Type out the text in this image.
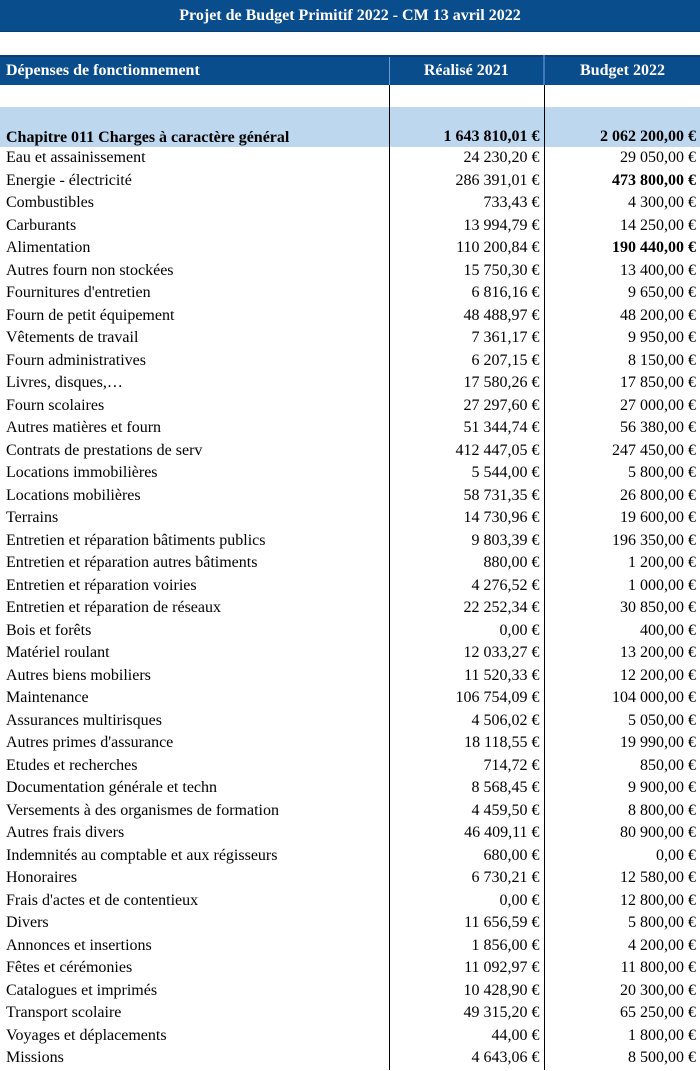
Projet de Budget Primitif 2022 - CM 13 avril 2022
Dépenses de fonctionnement	Réalisé 2021	Budget 2022

Chapitre 011 Charges à caractère général	1 643 810,01 €	2 062 200,00 €
Eau et assainissement	24 230,20 €	29 050,00 €
Energie - électricité	286 391,01 €	473 800,00 €
Combustibles	733,43 €	4 300,00 €
Carburants	13 994,79 €	14 250,00 €
Alimentation	110 200,84 €	190 440,00 €
Autres fourn non stockées	15 750,30 €	13 400,00 €
Fournitures d'entretien	6 816,16 €	9 650,00 €
Fourn de petit équipement	48 488,97 €	48 200,00 €
Vêtements de travail	7 361,17 €	9 950,00 €
Fourn administratives	6 207,15 €	8 150,00 €
Livres, disques,…	17 580,26 €	17 850,00 €
Fourn scolaires	27 297,60 €	27 000,00 €
Autres matières et fourn	51 344,74 €	56 380,00 €
Contrats de prestations de serv	412 447,05 €	247 450,00 €
Locations immobilières	5 544,00 €	5 800,00 €
Locations mobilières	58 731,35 €	26 800,00 €
Terrains	14 730,96 €	19 600,00 €
Entretien et réparation bâtiments publics	9 803,39 €	196 350,00 €
Entretien et réparation autres bâtiments	880,00 €	1 200,00 €
Entretien et réparation voiries	4 276,52 €	1 000,00 €
Entretien et réparation de réseaux	22 252,34 €	30 850,00 €
Bois et forêts	0,00 €	400,00 €
Matériel roulant	12 033,27 €	13 200,00 €
Autres biens mobiliers	11 520,33 €	12 200,00 €
Maintenance	106 754,09 €	104 000,00 €
Assurances multirisques	4 506,02 €	5 050,00 €
Autres primes d'assurance	18 118,55 €	19 990,00 €
Etudes et recherches	714,72 €	850,00 €
Documentation générale et techn	8 568,45 €	9 900,00 €
Versements à des organismes de formation	4 459,50 €	8 800,00 €
Autres frais divers	46 409,11 €	80 900,00 €
Indemnités au comptable et aux régisseurs	680,00 €	0,00 €
Honoraires	6 730,21 €	12 580,00 €
Frais d'actes et de contentieux	0,00 €	12 800,00 €
Divers	11 656,59 €	5 800,00 €
Annonces et insertions	1 856,00 €	4 200,00 €
Fêtes et cérémonies	11 092,97 €	11 800,00 €
Catalogues et imprimés	10 428,90 €	20 300,00 €
Transport scolaire	49 315,20 €	65 250,00 €
Voyages et déplacements	44,00 €	1 800,00 €
Missions	4 643,06 €	8 500,00 €
